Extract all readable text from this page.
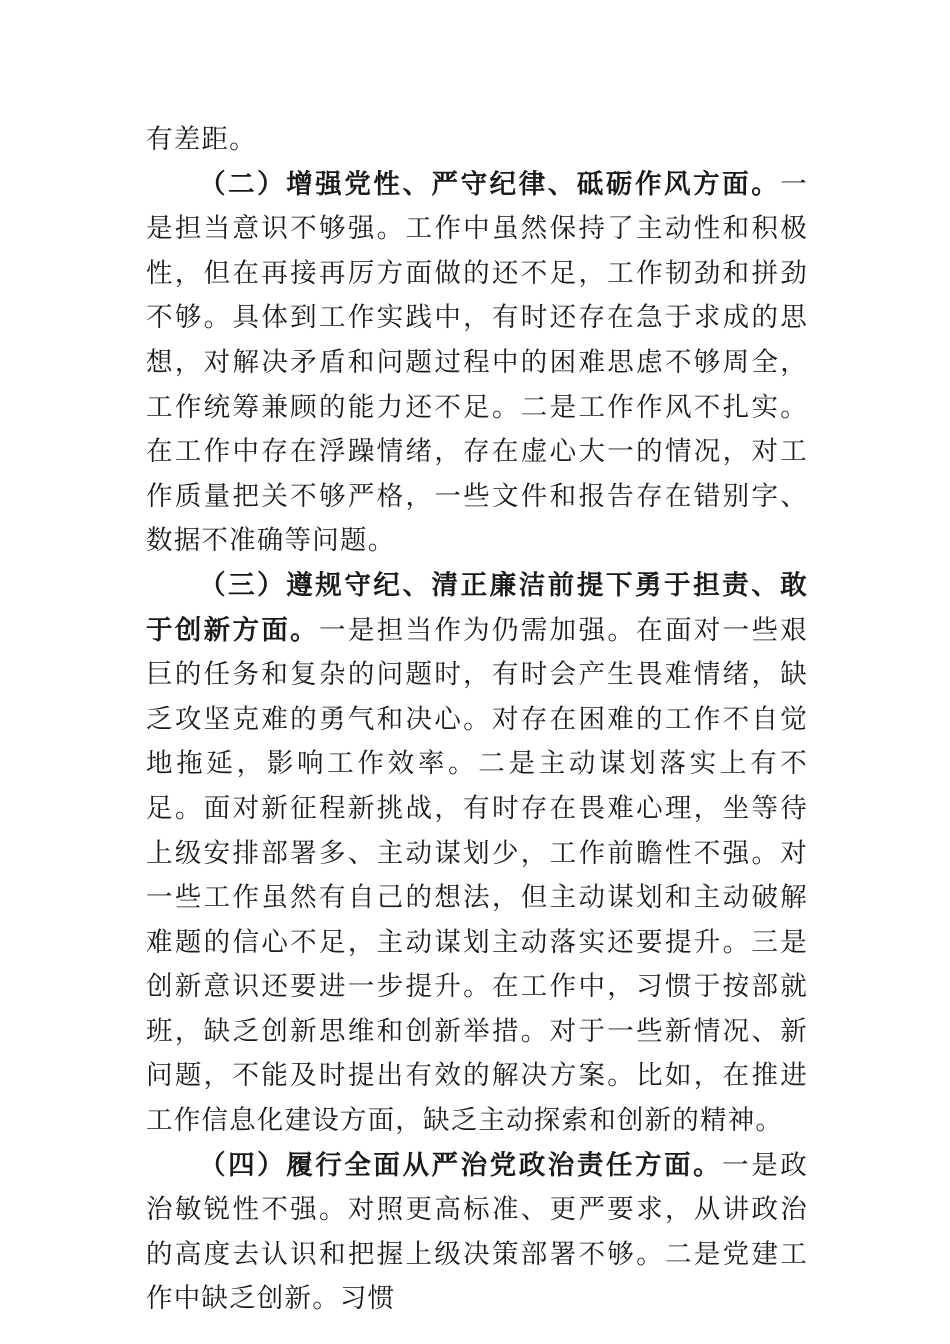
有差距。

（二）增强党性、严守纪律、砥砺作风方面。一是担当意识不够强。工作中虽然保持了主动性和积极性，但在再接再厉方面做的还不足，工作韧劲和拼劲不够。具体到工作实践中，有时还存在急于求成的思想，对解决矛盾和问题过程中的困难思虑不够周全，工作统筹兼顾的能力还不足。二是工作作风不扎实。在工作中存在浮躁情绪，存在虚心大一的情况，对工作质量把关不够严格，一些文件和报告存在错别字、数据不准确等问题。

（三）遵规守纪、清正廉洁前提下勇于担责、敢于创新方面。一是担当作为仍需加强。在面对一些艰巨的任务和复杂的问题时，有时会产生畏难情绪，缺乏攻坚克难的勇气和决心。对存在困难的工作不自觉地拖延，影响工作效率。二是主动谋划落实上有不足。面对新征程新挑战，有时存在畏难心理，坐等待上级安排部署多、主动谋划少，工作前瞻性不强。对一些工作虽然有自己的想法，但主动谋划和主动破解难题的信心不足，主动谋划主动落实还要提升。三是创新意识还要进一步提升。在工作中，习惯于按部就班，缺乏创新思维和创新举措。对于一些新情况、新问题，不能及时提出有效的解决方案。比如，在推进工作信息化建设方面，缺乏主动探索和创新的精神。

（四）履行全面从严治党政治责任方面。一是政治敏锐性不强。对照更高标准、更严要求，从讲政治的高度去认识和把握上级决策部署不够。二是党建工作中缺乏创新。习惯
